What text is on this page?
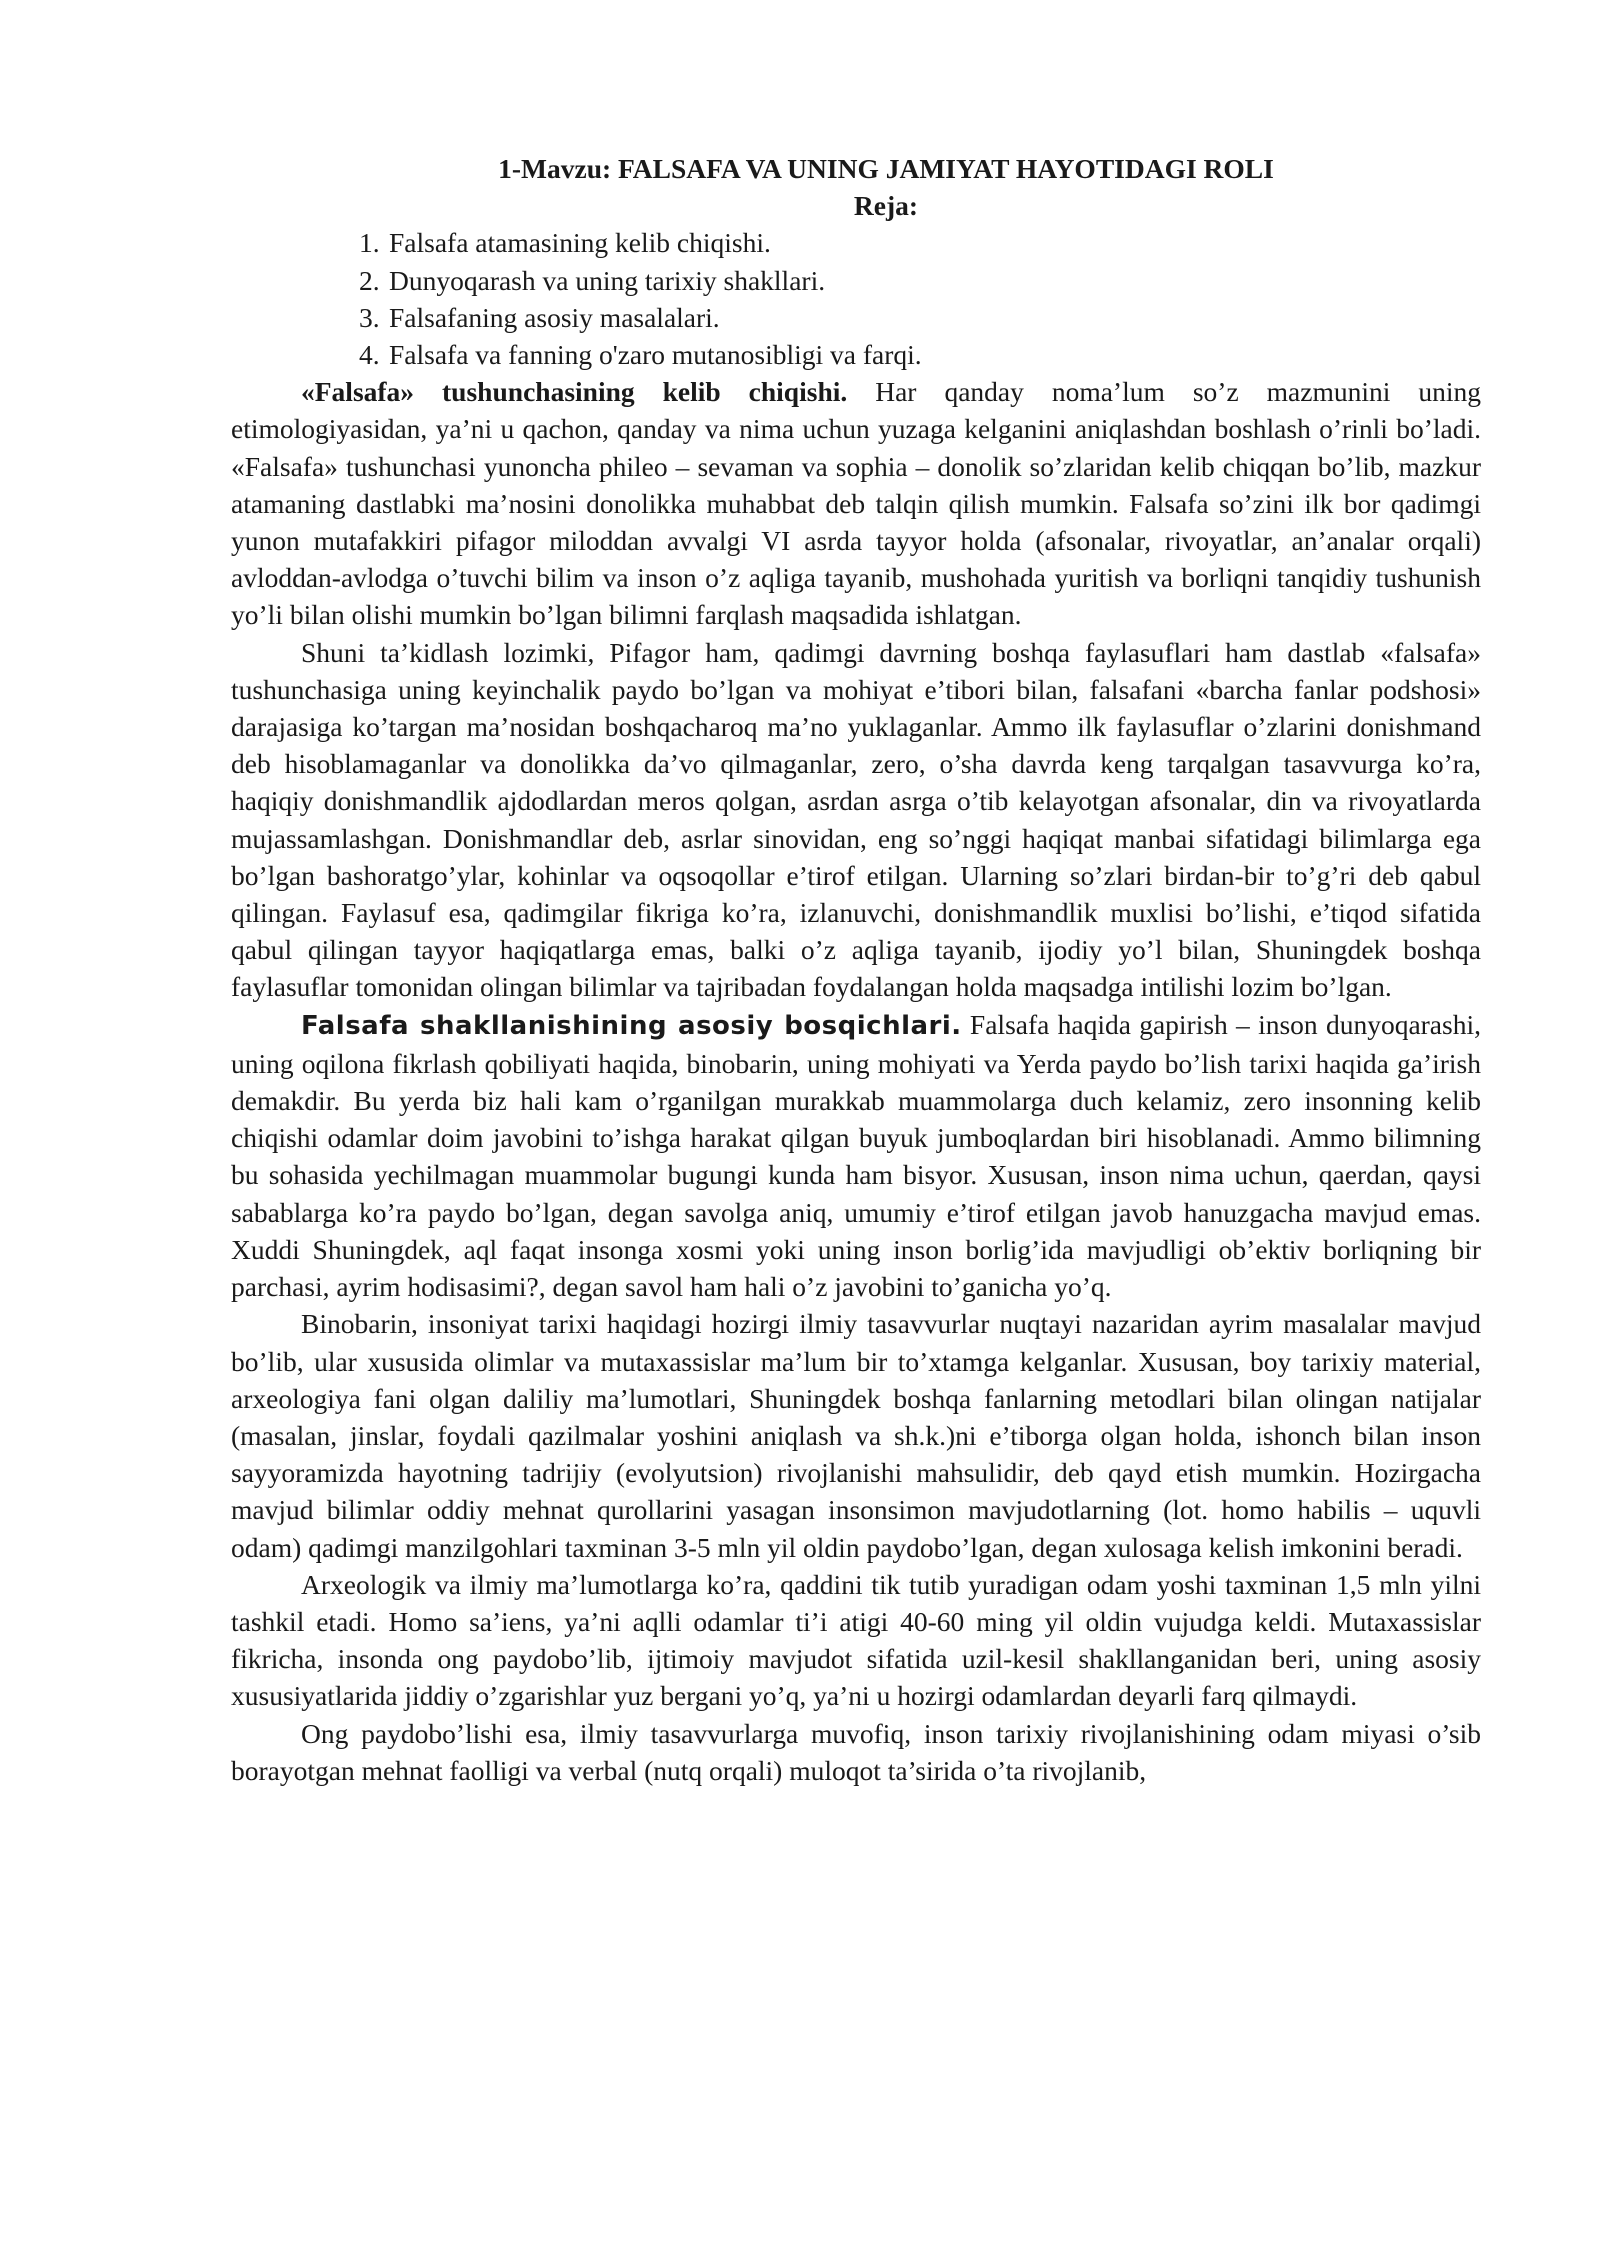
1-Mavzu: FALSAFA VA UNING JAMIYAT HAYOTIDAGI ROLI

Reja:

1. Falsafa atamasining kelib chiqishi.
2. Dunyoqarash va uning tarixiy shakllari.
3. Falsafaning asosiy masalalari.
4. Falsafa va fanning o'zaro mutanosibligi va farqi.

«Falsafa» tushunchasining kelib chiqishi. Har qanday noma’lum so’z mazmunini uning etimologiyasidan, ya’ni u qachon, qanday va nima uchun yuzaga kelganini aniqlashdan boshlash o’rinli bo’ladi. «Falsafa» tushunchasi yunoncha phileo – sevaman va sophia – donolik so’zlaridan kelib chiqqan bo’lib, mazkur atamaning dastlabki ma’nosini donolikka muhabbat deb talqin qilish mumkin. Falsafa so’zini ilk bor qadimgi yunon mutafakkiri pifagor miloddan avvalgi VI asrda tayyor holda (afsonalar, rivoyatlar, an’analar orqali) avloddan-avlodga o’tuvchi bilim va inson o’z aqliga tayanib, mushohada yuritish va borliqni tanqidiy tushunish yo’li bilan olishi mumkin bo’lgan bilimni farqlash maqsadida ishlatgan.

Shuni ta’kidlash lozimki, Pifagor ham, qadimgi davrning boshqa faylasuflari ham dastlab «falsafa» tushunchasiga uning keyinchalik paydo bo’lgan va mohiyat e’tibori bilan, falsafani «barcha fanlar podshosi» darajasiga ko’targan ma’nosidan boshqacharoq ma’no yuklaganlar. Ammo ilk faylasuflar o’zlarini donishmand deb hisoblamaganlar va donolikka da’vo qilmaganlar, zero, o’sha davrda keng tarqalgan tasavvurga ko’ra, haqiqiy donishmandlik ajdodlardan meros qolgan, asrdan asrga o’tib kelayotgan afsonalar, din va rivoyatlarda mujassamlashgan. Donishmandlar deb, asrlar sinovidan, eng so’nggi haqiqat manbai sifatidagi bilimlarga ega bo’lgan bashoratgo’ylar, kohinlar va oqsoqollar e’tirof etilgan. Ularning so’zlari birdan-bir to’g’ri deb qabul qilingan. Faylasuf esa, qadimgilar fikriga ko’ra, izlanuvchi, donishmandlik muxlisi bo’lishi, e’tiqod sifatida qabul qilingan tayyor haqiqatlarga emas, balki o’z aqliga tayanib, ijodiy yo’l bilan, Shuningdek boshqa faylasuflar tomonidan olingan bilimlar va tajribadan foydalangan holda maqsadga intilishi lozim bo’lgan.

Falsafa shakllanishining asosiy bosqichlari. Falsafa haqida gapirish – inson dunyoqarashi, uning oqilona fikrlash qobiliyati haqida, binobarin, uning mohiyati va Yerda paydo bo’lish tarixi haqida ga’irish demakdir. Bu yerda biz hali kam o’rganilgan murakkab muammolarga duch kelamiz, zero insonning kelib chiqishi odamlar doim javobini to’ishga harakat qilgan buyuk jumboqlardan biri hisoblanadi. Ammo bilimning bu sohasida yechilmagan muammolar bugungi kunda ham bisyor. Xususan, inson nima uchun, qaerdan, qaysi sabablarga ko’ra paydo bo’lgan, degan savolga aniq, umumiy e’tirof etilgan javob hanuzgacha mavjud emas. Xuddi Shuningdek, aql faqat insonga xosmi yoki uning inson borlig’ida mavjudligi ob’ektiv borliqning bir parchasi, ayrim hodisasimi?, degan savol ham hali o’z javobini to’ganicha yo’q.

Binobarin, insoniyat tarixi haqidagi hozirgi ilmiy tasavvurlar nuqtayi nazaridan ayrim masalalar mavjud bo’lib, ular xususida olimlar va mutaxassislar ma’lum bir to’xtamga kelganlar. Xususan, boy tarixiy material, arxeologiya fani olgan daliliy ma’lumotlari, Shuningdek boshqa fanlarning metodlari bilan olingan natijalar (masalan, jinslar, foydali qazilmalar yoshini aniqlash va sh.k.)ni e’tiborga olgan holda, ishonch bilan inson sayyoramizda hayotning tadrijiy (evolyutsion) rivojlanishi mahsulidir, deb qayd etish mumkin. Hozirgacha mavjud bilimlar oddiy mehnat qurollarini yasagan insonsimon mavjudotlarning (lot. homo habilis – uquvli odam) qadimgi manzilgohlari taxminan 3-5 mln yil oldin paydobo’lgan, degan xulosaga kelish imkonini beradi.

Arxeologik va ilmiy ma’lumotlarga ko’ra, qaddini tik tutib yuradigan odam yoshi taxminan 1,5 mln yilni tashkil etadi. Homo sa’iens, ya’ni aqlli odamlar ti’i atigi 40-60 ming yil oldin vujudga keldi. Mutaxassislar fikricha, insonda ong paydobo’lib, ijtimoiy mavjudot sifatida uzil-kesil shakllanganidan beri, uning asosiy xususiyatlarida jiddiy o’zgarishlar yuz bergani yo’q, ya’ni u hozirgi odamlardan deyarli farq qilmaydi.

Ong paydobo’lishi esa, ilmiy tasavvurlarga muvofiq, inson tarixiy rivojlanishining odam miyasi o’sib borayotgan mehnat faolligi va verbal (nutq orqali) muloqot ta’sirida o’ta rivojlanib,
